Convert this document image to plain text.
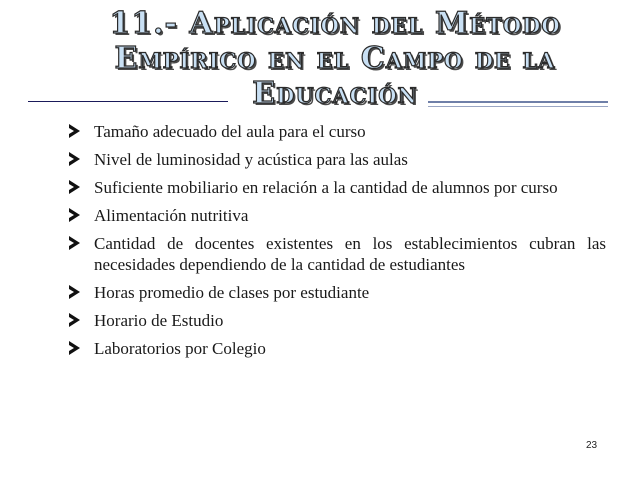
11.- Aplicación del Método
Empírico en el Campo de la
Educación
Tamaño adecuado del aula para el curso
Nivel de luminosidad y acústica para las aulas
Suficiente mobiliario en relación a la cantidad de alumnos por curso
Alimentación nutritiva
Cantidad de docentes existentes en los establecimientos cubran las necesidades dependiendo de la cantidad de estudiantes
Horas promedio de clases por estudiante
Horario de Estudio
Laboratorios por Colegio
23
